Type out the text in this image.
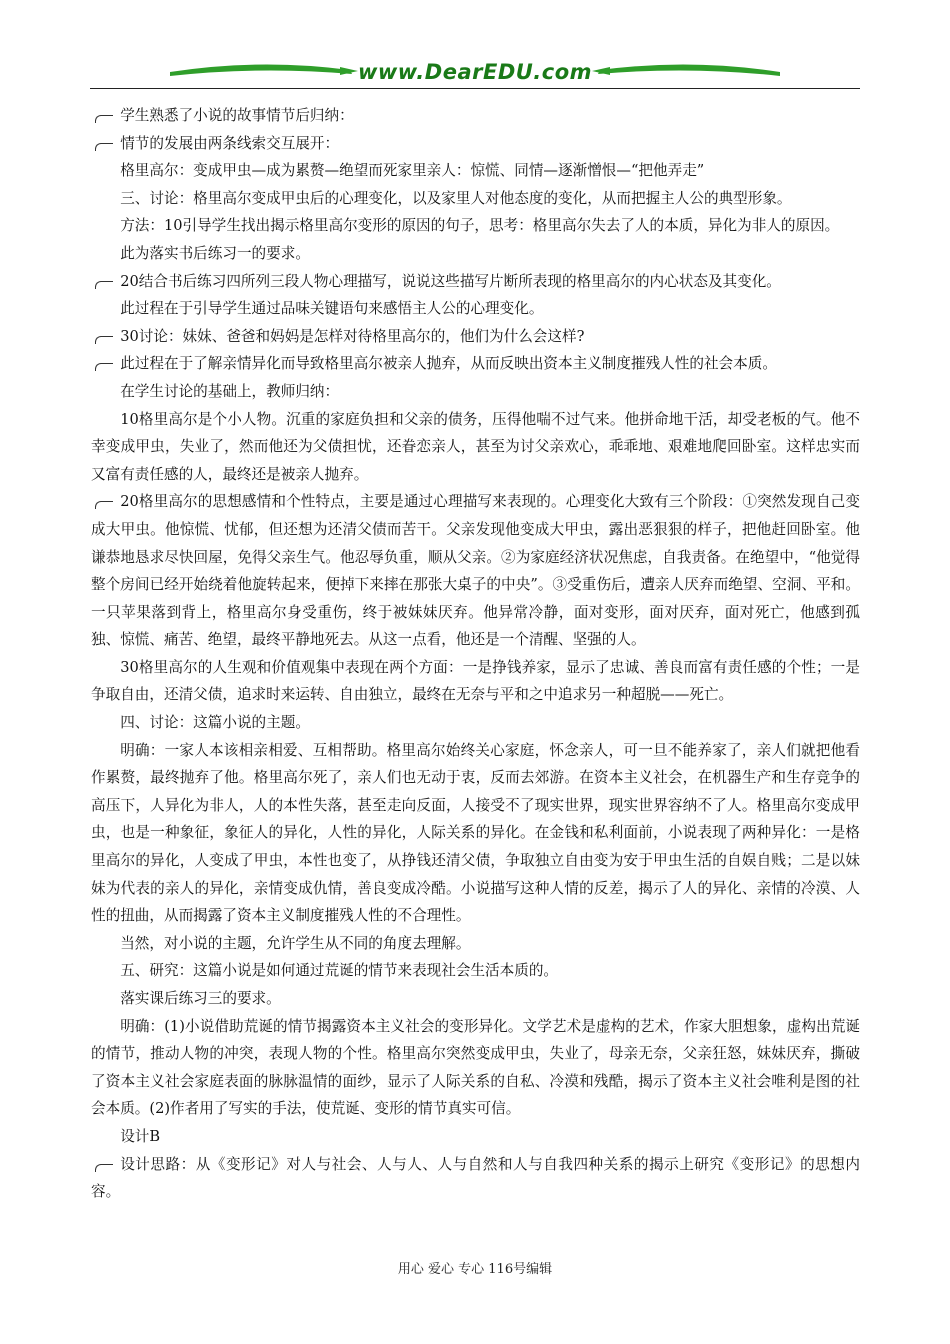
www.DearEDU.com

学生熟悉了小说的故事情节后归纳：

情节的发展由两条线索交互展开：

格里高尔：变成甲虫—成为累赘—绝望而死家里亲人：惊慌、同情—逐渐憎恨—“把他弄走”

三、讨论：格里高尔变成甲虫后的心理变化，以及家里人对他态度的变化，从而把握主人公的典型形象。

方法：10引导学生找出揭示格里高尔变形的原因的句子，思考：格里高尔失去了人的本质，异化为非人的原因。

此为落实书后练习一的要求。

20结合书后练习四所列三段人物心理描写，说说这些描写片断所表现的格里高尔的内心状态及其变化。

此过程在于引导学生通过品味关键语句来感悟主人公的心理变化。

30讨论：妹妹、爸爸和妈妈是怎样对待格里高尔的，他们为什么会这样?

此过程在于了解亲情异化而导致格里高尔被亲人抛弃，从而反映出资本主义制度摧残人性的社会本质。

在学生讨论的基础上，教师归纳：

10格里高尔是个小人物。沉重的家庭负担和父亲的债务，压得他喘不过气来。他拼命地干活，却受老板的气。他不幸变成甲虫，失业了，然而他还为父债担忧，还眷恋亲人，甚至为讨父亲欢心，乖乖地、艰难地爬回卧室。这样忠实而又富有责任感的人，最终还是被亲人抛弃。

20格里高尔的思想感情和个性特点，主要是通过心理描写来表现的。心理变化大致有三个阶段：①突然发现自己变成大甲虫。他惊慌、忧郁，但还想为还清父债而苦干。父亲发现他变成大甲虫，露出恶狠狠的样子，把他赶回卧室。他谦恭地恳求尽快回屋，免得父亲生气。他忍辱负重，顺从父亲。②为家庭经济状况焦虑，自我责备。在绝望中，“他觉得整个房间已经开始绕着他旋转起来，便掉下来摔在那张大桌子的中央”。③受重伤后，遭亲人厌弃而绝望、空洞、平和。一只苹果落到背上，格里高尔身受重伤，终于被妹妹厌弃。他异常冷静，面对变形，面对厌弃，面对死亡，他感到孤独、惊慌、痛苦、绝望，最终平静地死去。从这一点看，他还是一个清醒、坚强的人。

30格里高尔的人生观和价值观集中表现在两个方面：一是挣钱养家，显示了忠诚、善良而富有责任感的个性；一是争取自由，还清父债，追求时来运转、自由独立，最终在无奈与平和之中追求另一种超脱——死亡。

四、讨论：这篇小说的主题。

明确：一家人本该相亲相爱、互相帮助。格里高尔始终关心家庭，怀念亲人，可一旦不能养家了，亲人们就把他看作累赘，最终抛弃了他。格里高尔死了，亲人们也无动于衷，反而去郊游。在资本主义社会，在机器生产和生存竞争的高压下，人异化为非人，人的本性失落，甚至走向反面，人接受不了现实世界，现实世界容纳不了人。格里高尔变成甲虫，也是一种象征，象征人的异化，人性的异化，人际关系的异化。在金钱和私利面前，小说表现了两种异化：一是格里高尔的异化，人变成了甲虫，本性也变了，从挣钱还清父债，争取独立自由变为安于甲虫生活的自娱自贱；二是以妹妹为代表的亲人的异化，亲情变成仇情，善良变成冷酷。小说描写这种人情的反差，揭示了人的异化、亲情的冷漠、人性的扭曲，从而揭露了资本主义制度摧残人性的不合理性。

当然，对小说的主题，允许学生从不同的角度去理解。

五、研究：这篇小说是如何通过荒诞的情节来表现社会生活本质的。

落实课后练习三的要求。

明确：(1)小说借助荒诞的情节揭露资本主义社会的变形异化。文学艺术是虚构的艺术，作家大胆想象，虚构出荒诞的情节，推动人物的冲突，表现人物的个性。格里高尔突然变成甲虫，失业了，母亲无奈，父亲狂怒，妹妹厌弃，撕破了资本主义社会家庭表面的脉脉温情的面纱，显示了人际关系的自私、冷漠和残酷，揭示了资本主义社会唯利是图的社会本质。(2)作者用了写实的手法，使荒诞、变形的情节真实可信。

设计B

设计思路：从《变形记》对人与社会、人与人、人与自然和人与自我四种关系的揭示上研究《变形记》的思想内容。

用心 爱心 专心 116号编辑
